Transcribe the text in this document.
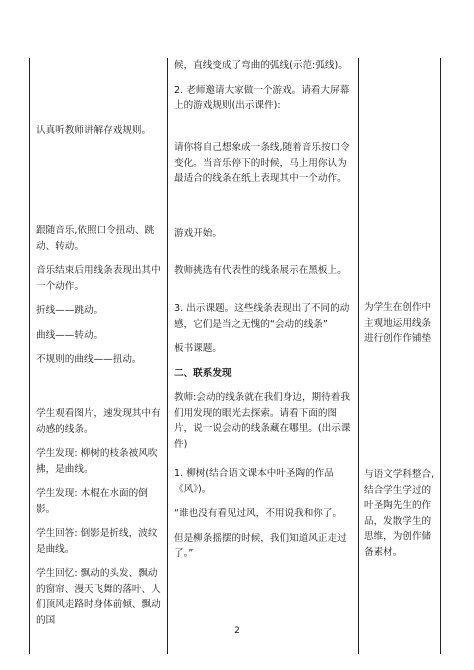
认真听教师讲解存戏规则。

跟随音乐,依照口令扭动、跳动、转动。

音乐结束后用线条表现出其中一个动作。

折线——跳动。

曲线——转动。

不规则的曲线——扭动。

学生观看图片，速发现其中有动感的线条。

学生发现: 柳树的枝条被风吹拂，是曲线。

学生发现: 木棍在水面的倒影。

学生回答: 倒影是折线，波纹是曲线。

学生回忆: 飘动的头发、飘动的窗帘、漫天飞舞的落叶、人们顶风走路时身体前倾、飘动的国

候，直线变成了弯曲的弧线(示范:弧线)。

2. 老师邀请大家做一个游戏。请看大屏幕上的游戏规则(出示课件):

请你将自己想象成一条线,随着音乐按口令变化。当音乐停下的时候，马上用你认为最适合的线条在纸上表现其中一个动作。

游戏开始。

教师挑选有代表性的线条展示在黑板上。

3. 出示课题。这些线条表现出了不同的动感，它们是当之无愧的“会动的线条”

板书课题。

二、联系发现

教师:会动的线条就在我们身边，期待着我们用发现的眼光去探索。请看下面的图片，说一说会动的线条藏在哪里。(出示课件)

1. 柳树(结合语文课本中叶圣陶的作品《风》)。

“谁也没有看见过风，不用说我和你了。

但是柳条摇摆的时候，我们知道风正走过了。”

为学生在创作中主观地运用线条进行创作作铺垫

与语文学科整合,结合学生学过的叶圣陶先生的作品，发散学生的思维，为创作储备素材。

2
